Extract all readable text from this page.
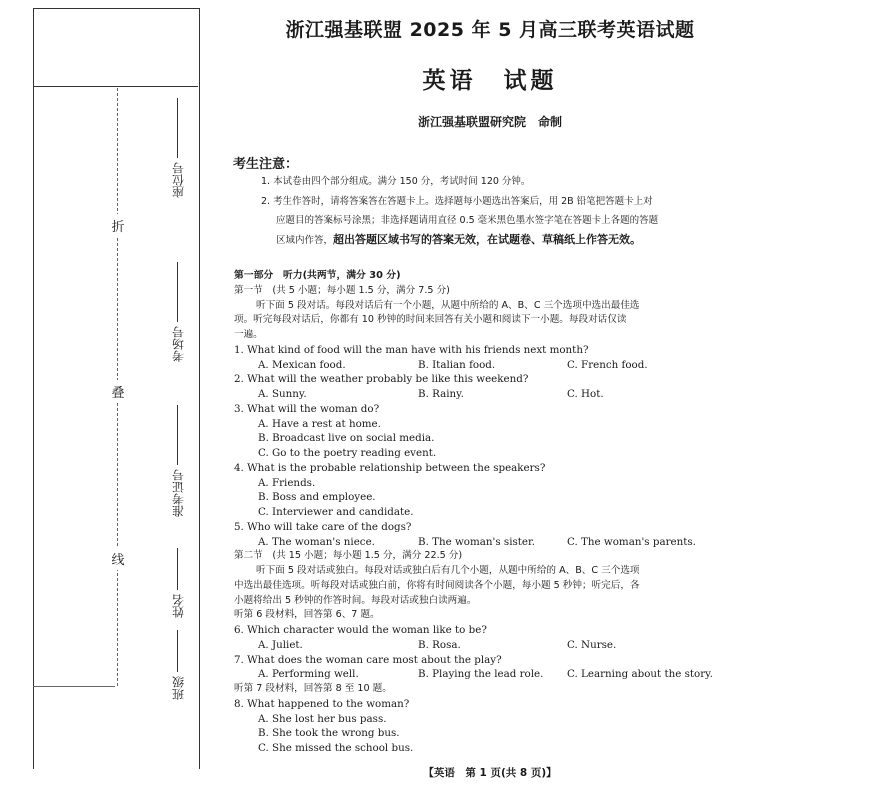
折
叠
线
座位号
考场号
准考证号
姓名
班级
浙江强基联盟 2025 年 5 月高三联考英语试题
英语　试题
浙江强基联盟研究院　命制
考生注意：
1. 本试卷由四个部分组成。满分 150 分，考试时间 120 分钟。
2. 考生作答时，请将答案答在答题卡上。选择题每小题选出答案后，用 2B 铅笔把答题卡上对
应题目的答案标号涂黑；非选择题请用直径 0.5 毫米黑色墨水签字笔在答题卡上各题的答题
区域内作答，超出答题区域书写的答案无效，在试题卷、草稿纸上作答无效。
第一部分　听力(共两节，满分 30 分)
第一节　(共 5 小题；每小题 1.5 分，满分 7.5 分)
听下面 5 段对话。每段对话后有一个小题，从题中所给的 A、B、C 三个选项中选出最佳选
项。听完每段对话后，你都有 10 秒钟的时间来回答有关小题和阅读下一小题。每段对话仅读
一遍。
1. What kind of food will the man have with his friends next month?
A. Mexican food.	B. Italian food.	C. French food.
2. What will the weather probably be like this weekend?
A. Sunny.	B. Rainy.	C. Hot.
3. What will the woman do?
A. Have a rest at home.
B. Broadcast live on social media.
C. Go to the poetry reading event.
4. What is the probable relationship between the speakers?
A. Friends.
B. Boss and employee.
C. Interviewer and candidate.
5. Who will take care of the dogs?
A. The woman's niece.	B. The woman's sister.	C. The woman's parents.
第二节　(共 15 小题；每小题 1.5 分，满分 22.5 分)
听下面 5 段对话或独白。每段对话或独白后有几个小题，从题中所给的 A、B、C 三个选项
中选出最佳选项。听每段对话或独白前，你将有时间阅读各个小题，每小题 5 秒钟；听完后，各
小题将给出 5 秒钟的作答时间。每段对话或独白读两遍。
听第 6 段材料，回答第 6、7 题。
6. Which character would the woman like to be?
A. Juliet.	B. Rosa.	C. Nurse.
7. What does the woman care most about the play?
A. Performing well.	B. Playing the lead role. C. Learning about the story.
听第 7 段材料，回答第 8 至 10 题。
8. What happened to the woman?
A. She lost her bus pass.
B. She took the wrong bus.
C. She missed the school bus.
【英语　第 1 页(共 8 页)】
